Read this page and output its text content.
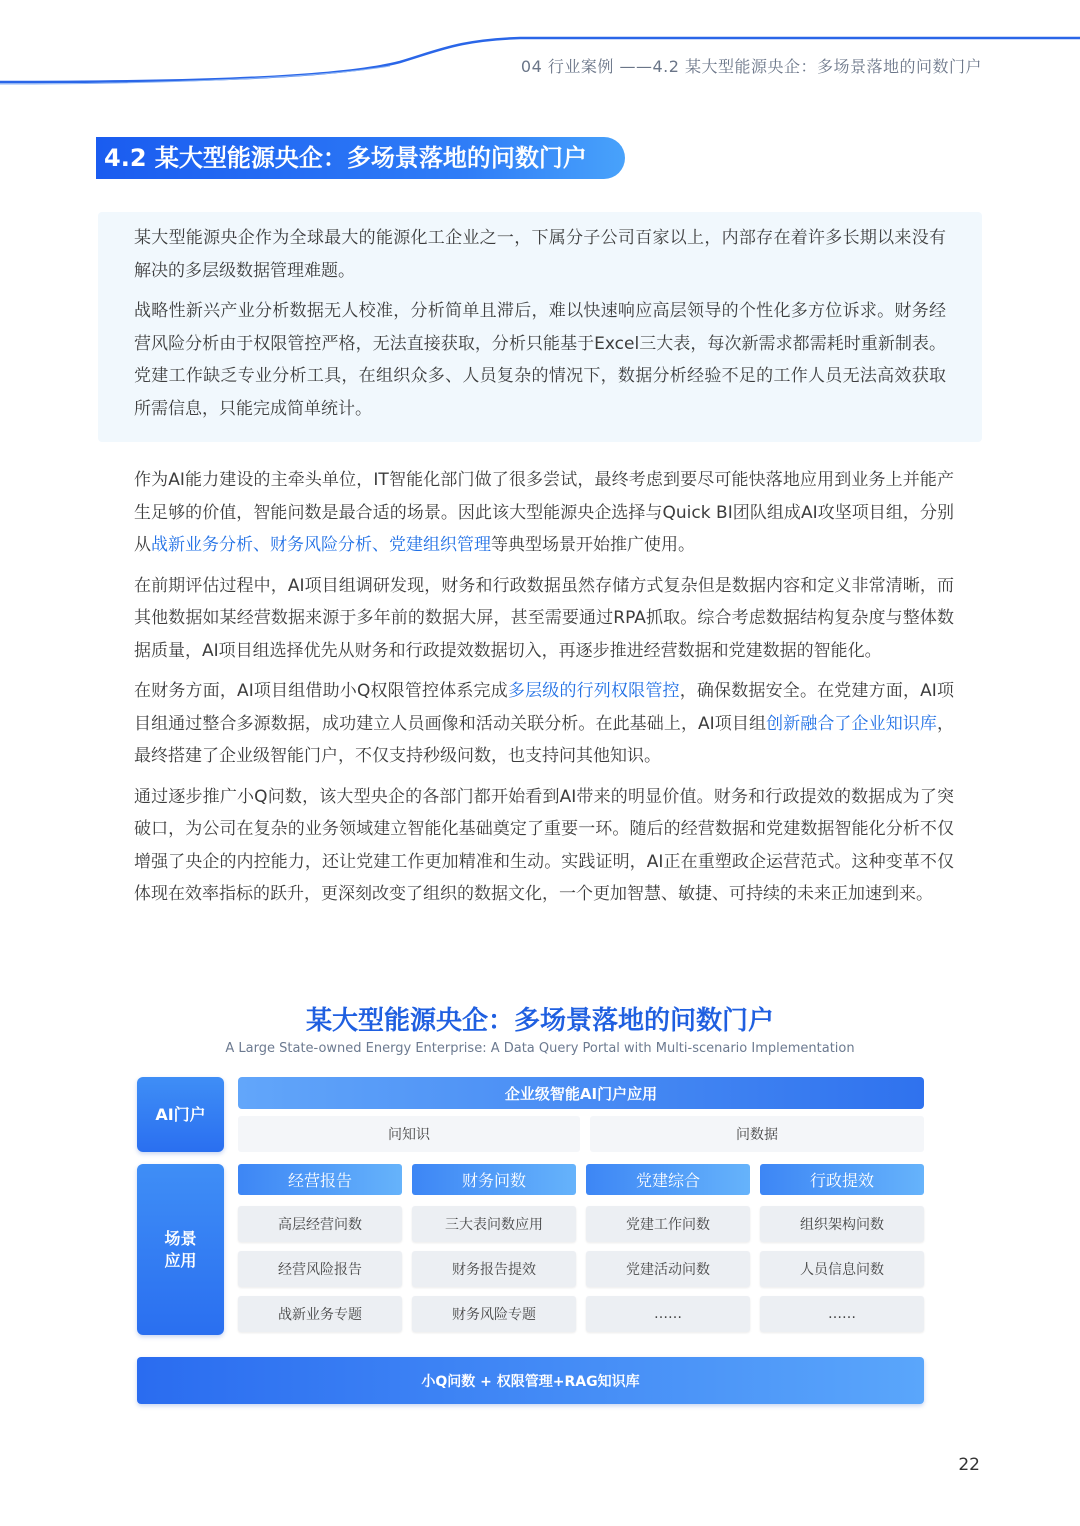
04 行业案例 ——4.2 某大型能源央企：多场景落地的问数门户
4.2 某大型能源央企：多场景落地的问数门户

某大型能源央企作为全球最大的能源化工企业之一，下属分子公司百家以上，内部存在着许多长期以来没有解决的多层级数据管理难题。

战略性新兴产业分析数据无人校准，分析简单且滞后，难以快速响应高层领导的个性化多方位诉求。财务经营风险分析由于权限管控严格，无法直接获取，分析只能基于Excel三大表，每次新需求都需耗时重新制表。党建工作缺乏专业分析工具，在组织众多、人员复杂的情况下，数据分析经验不足的工作人员无法高效获取所需信息，只能完成简单统计。

作为AI能力建设的主牵头单位，IT智能化部门做了很多尝试，最终考虑到要尽可能快落地应用到业务上并能产生足够的价值，智能问数是最合适的场景。因此该大型能源央企选择与Quick BI团队组成AI攻坚项目组，分别从战新业务分析、财务风险分析、党建组织管理等典型场景开始推广使用。

在前期评估过程中，AI项目组调研发现，财务和行政数据虽然存储方式复杂但是数据内容和定义非常清晰，而其他数据如某经营数据来源于多年前的数据大屏，甚至需要通过RPA抓取。综合考虑数据结构复杂度与整体数据质量，AI项目组选择优先从财务和行政提效数据切入，再逐步推进经营数据和党建数据的智能化。

在财务方面，AI项目组借助小Q权限管控体系完成多层级的行列权限管控，确保数据安全。在党建方面，AI项目组通过整合多源数据，成功建立人员画像和活动关联分析。在此基础上，AI项目组创新融合了企业知识库，最终搭建了企业级智能门户，不仅支持秒级问数，也支持问其他知识。

通过逐步推广小Q问数，该大型央企的各部门都开始看到AI带来的明显价值。财务和行政提效的数据成为了突破口，为公司在复杂的业务领域建立智能化基础奠定了重要一环。随后的经营数据和党建数据智能化分析不仅增强了央企的内控能力，还让党建工作更加精准和生动。实践证明，AI正在重塑政企运营范式。这种变革不仅体现在效率指标的跃升，更深刻改变了组织的数据文化，一个更加智慧、敏捷、可持续的未来正加速到来。

某大型能源央企：多场景落地的问数门户
A Large State-owned Energy Enterprise: A Data Query Portal with Multi-scenario Implementation
AI门户
场景
应用
企业级智能AI门户应用
问知识	问数据
经营报告
高层经营问数
经营风险报告
战新业务专题
财务问数
三大表问数应用
财务报告提效
财务风险专题
党建综合
党建工作问数
党建活动问数
……
行政提效
组织架构问数
人员信息问数
……
小Q问数 + 权限管理+RAG知识库
22
